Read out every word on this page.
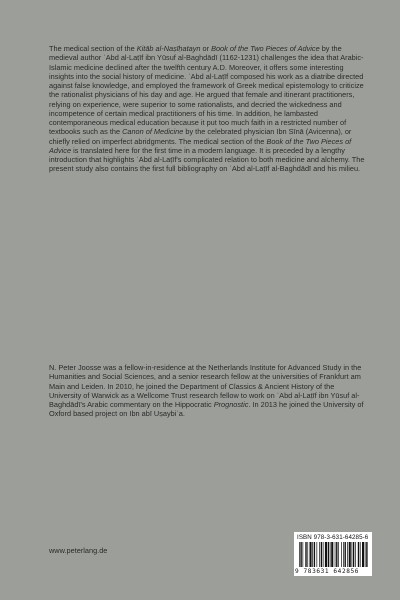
The medical section of the Kitāb al-Naṣīḥatayn or Book of the Two Pieces of Advice by the medieval author ʿAbd al-Laṭīf ibn Yūsuf al-Baghdādī (1162-1231) challenges the idea that Arabic-Islamic medicine declined after the twelfth century A.D. Moreover, it offers some interesting insights into the social history of medicine. ʿAbd al-Laṭīf composed his work as a diatribe directed against false knowledge, and employed the framework of Greek medical epistemology to criticize the rationalist physicians of his day and age. He argued that female and itinerant practitioners, relying on experience, were superior to some rationalists, and decried the wickedness and incompetence of certain medical practitioners of his time. In addition, he lambasted contemporaneous medical education because it put too much faith in a restricted number of textbooks such as the Canon of Medicine by the celebrated physician Ibn Sīnā (Avicenna), or chiefly relied on imperfect abridgments. The medical section of the Book of the Two Pieces of Advice is translated here for the first time in a modern language. It is preceded by a lengthy introduction that highlights ʿAbd al-Laṭīf's complicated relation to both medicine and alchemy. The present study also contains the first full bibliography on ʿAbd al-Laṭīf al-Baghdādī and his milieu.

N. Peter Joosse was a fellow-in-residence at the Netherlands Institute for Advanced Study in the Humanities and Social Sciences, and a senior research fellow at the universities of Frankfurt am Main and Leiden. In 2010, he joined the Department of Classics & Ancient History of the University of Warwick as a Wellcome Trust research fellow to work on ʿAbd al-Laṭīf ibn Yūsuf al-Baghdādī's Arabic commentary on the Hippocratic Prognostic. In 2013 he joined the University of Oxford based project on Ibn abī Uṣaybiʿa.

www.peterlang.de
ISBN 978-3-631-64285-6
9 783631 642856
